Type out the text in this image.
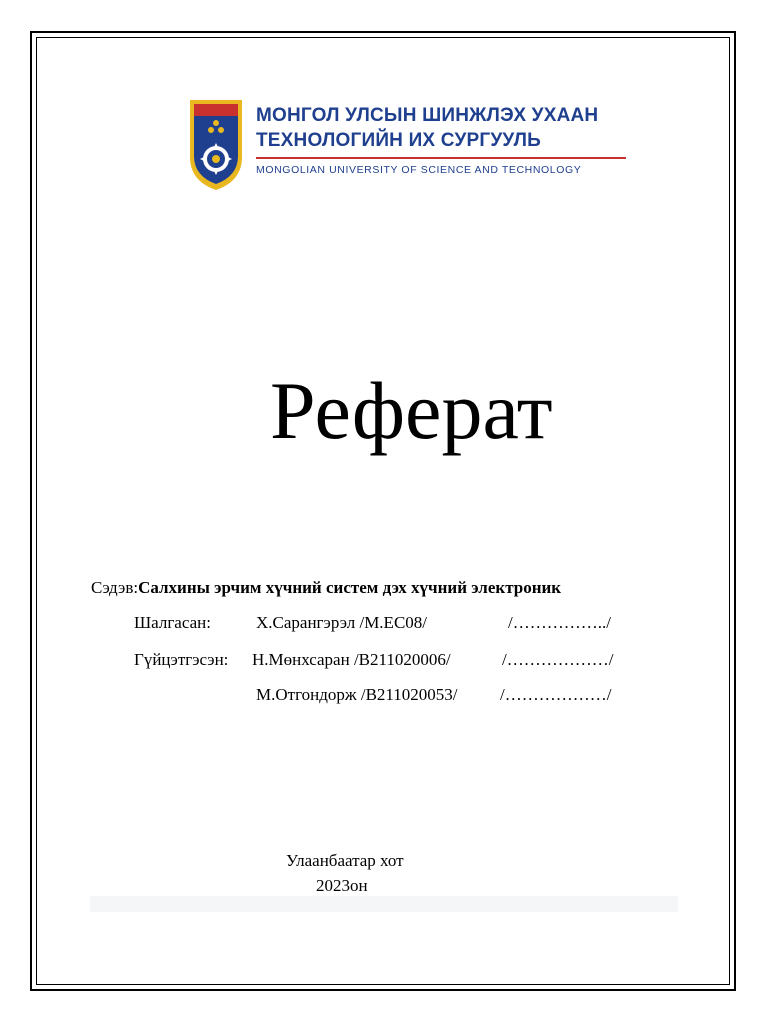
МОНГОЛ УЛСЫН ШИНЖЛЭХ УХААН
ТЕХНОЛОГИЙН ИХ СУРГУУЛЬ
MONGOLIAN UNIVERSITY OF SCIENCE AND TECHNOLOGY
Реферат
Сэдэв:Салхины эрчим хүчний систем дэх хүчний электроник
Шалгасан:	Х.Сарангэрэл /M.EC08/	/……………../
Гүйцэтгэсэн: Н.Мөнхсаран /B211020006/	/………………/
М.Отгондорж /B211020053/ /………………/
Улаанбаатар хот
2023он
